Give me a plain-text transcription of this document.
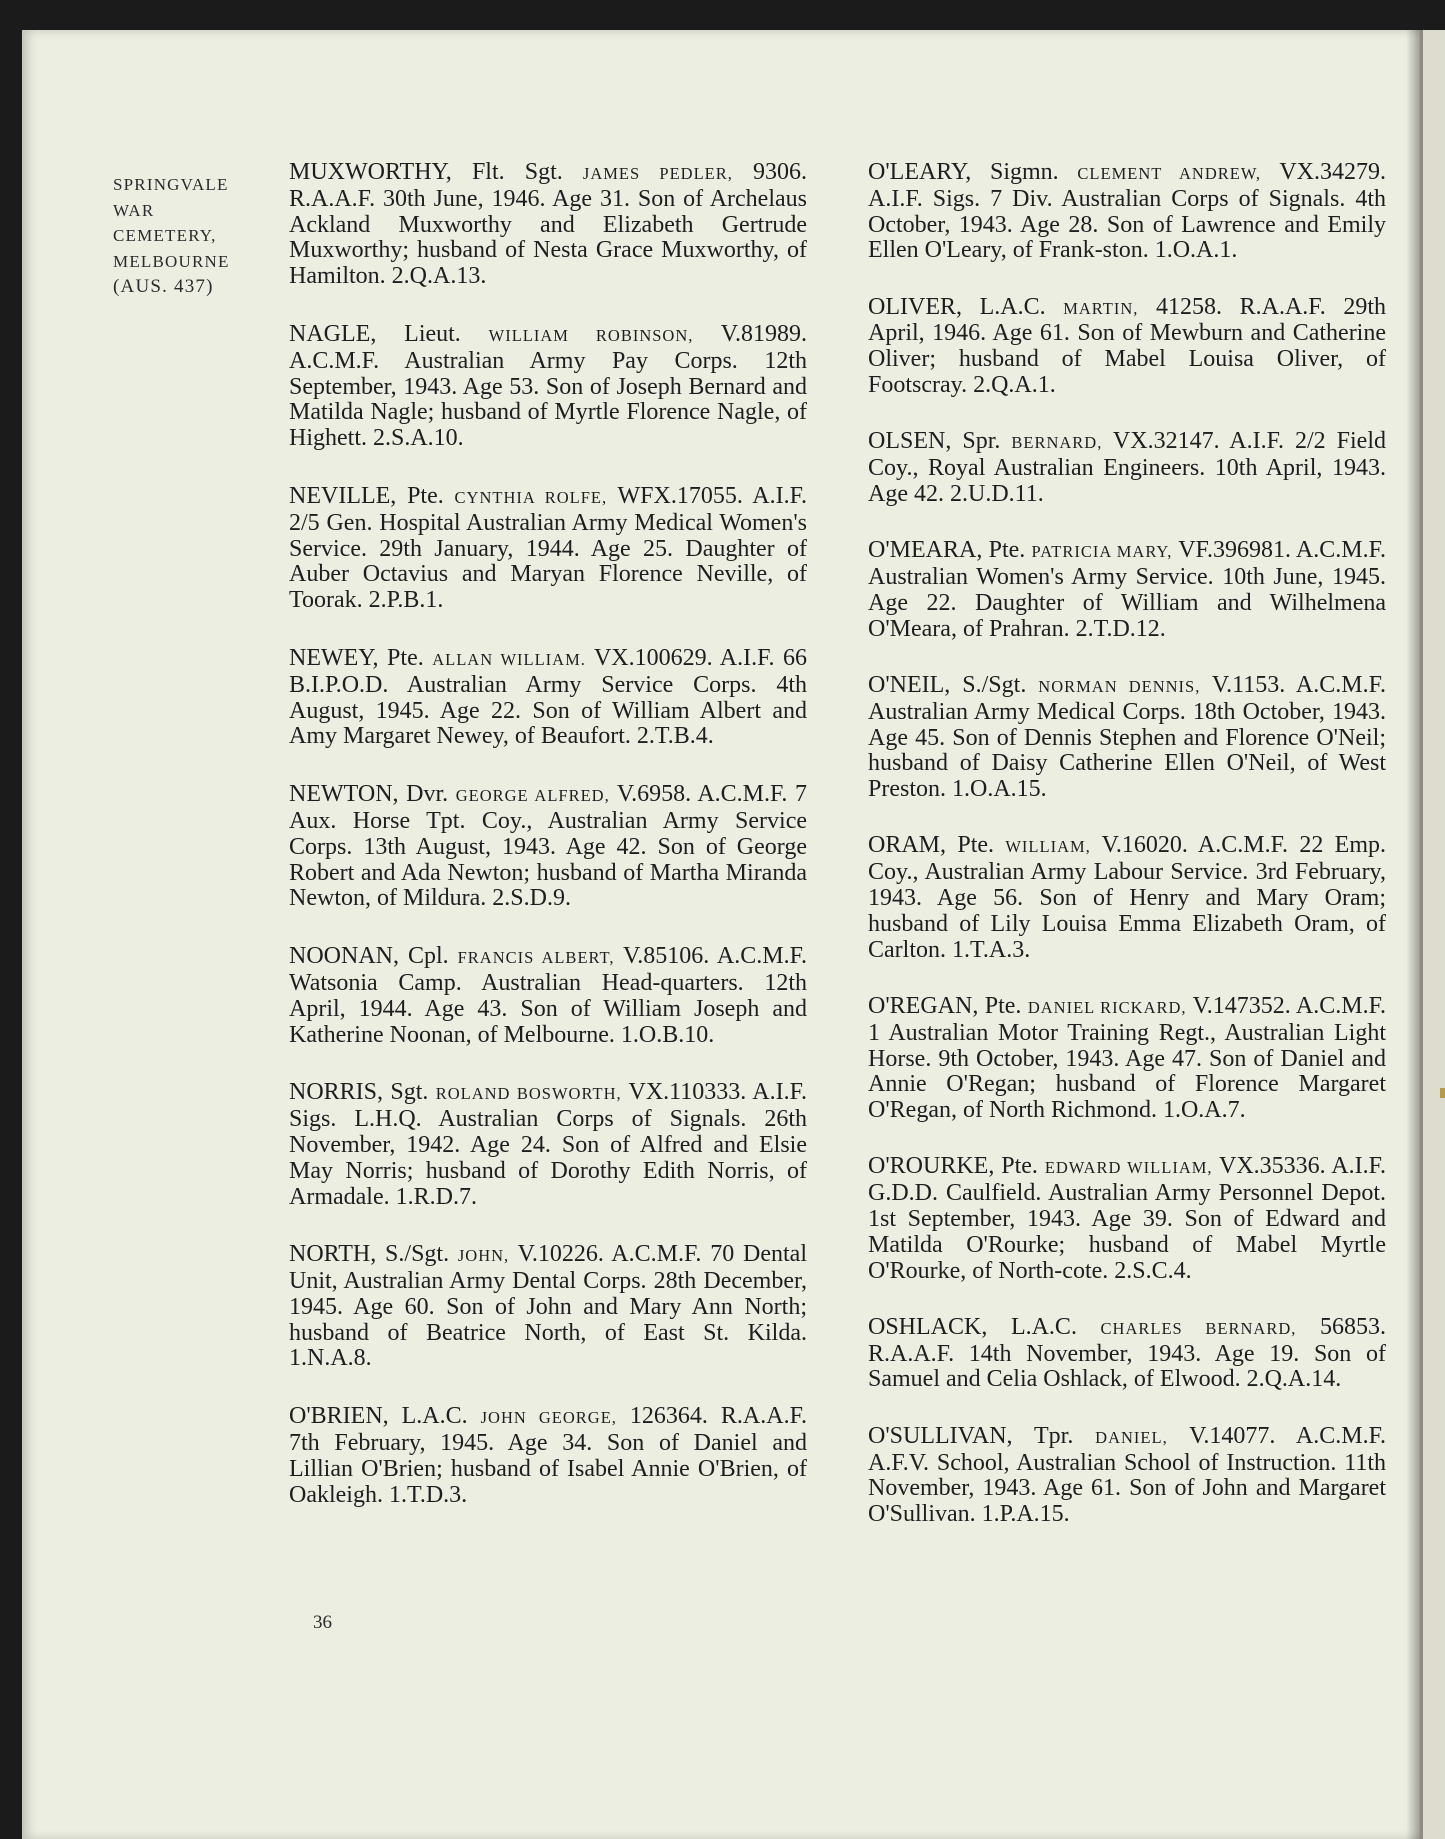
SPRINGVALE
WAR
CEMETERY,
MELBOURNE
(AUS. 437)
MUXWORTHY, Flt. Sgt. JAMES PEDLER, 9306. R.A.A.F. 30th June, 1946. Age 31. Son of Archelaus Ackland Muxworthy and Elizabeth Gertrude Muxworthy; husband of Nesta Grace Muxworthy, of Hamilton. 2.Q.A.13.
NAGLE, Lieut. WILLIAM ROBINSON, V.81989. A.C.M.F. Australian Army Pay Corps. 12th September, 1943. Age 53. Son of Joseph Bernard and Matilda Nagle; husband of Myrtle Florence Nagle, of Highett. 2.S.A.10.
NEVILLE, Pte. CYNTHIA ROLFE, WFX.17055. A.I.F. 2/5 Gen. Hospital Australian Army Medical Women's Service. 29th January, 1944. Age 25. Daughter of Auber Octavius and Maryan Florence Neville, of Toorak. 2.P.B.1.
NEWEY, Pte. ALLAN WILLIAM. VX.100629. A.I.F. 66 B.I.P.O.D. Australian Army Service Corps. 4th August, 1945. Age 22. Son of William Albert and Amy Margaret Newey, of Beaufort. 2.T.B.4.
NEWTON, Dvr. GEORGE ALFRED, V.6958. A.C.M.F. 7 Aux. Horse Tpt. Coy., Australian Army Service Corps. 13th August, 1943. Age 42. Son of George Robert and Ada Newton; husband of Martha Miranda Newton, of Mildura. 2.S.D.9.
NOONAN, Cpl. FRANCIS ALBERT, V.85106. A.C.M.F. Watsonia Camp. Australian Head-quarters. 12th April, 1944. Age 43. Son of William Joseph and Katherine Noonan, of Melbourne. 1.O.B.10.
NORRIS, Sgt. ROLAND BOSWORTH, VX.110333. A.I.F. Sigs. L.H.Q. Australian Corps of Signals. 26th November, 1942. Age 24. Son of Alfred and Elsie May Norris; husband of Dorothy Edith Norris, of Armadale. 1.R.D.7.
NORTH, S./Sgt. JOHN, V.10226. A.C.M.F. 70 Dental Unit, Australian Army Dental Corps. 28th December, 1945. Age 60. Son of John and Mary Ann North; husband of Beatrice North, of East St. Kilda. 1.N.A.8.
O'BRIEN, L.A.C. JOHN GEORGE, 126364. R.A.A.F. 7th February, 1945. Age 34. Son of Daniel and Lillian O'Brien; husband of Isabel Annie O'Brien, of Oakleigh. 1.T.D.3.
O'LEARY, Sigmn. CLEMENT ANDREW, VX.34279. A.I.F. Sigs. 7 Div. Australian Corps of Signals. 4th October, 1943. Age 28. Son of Lawrence and Emily Ellen O'Leary, of Frank-ston. 1.O.A.1.
OLIVER, L.A.C. MARTIN, 41258. R.A.A.F. 29th April, 1946. Age 61. Son of Mewburn and Catherine Oliver; husband of Mabel Louisa Oliver, of Footscray. 2.Q.A.1.
OLSEN, Spr. BERNARD, VX.32147. A.I.F. 2/2 Field Coy., Royal Australian Engineers. 10th April, 1943. Age 42. 2.U.D.11.
O'MEARA, Pte. PATRICIA MARY, VF.396981. A.C.M.F. Australian Women's Army Service. 10th June, 1945. Age 22. Daughter of William and Wilhelmena O'Meara, of Prahran. 2.T.D.12.
O'NEIL, S./Sgt. NORMAN DENNIS, V.1153. A.C.M.F. Australian Army Medical Corps. 18th October, 1943. Age 45. Son of Dennis Stephen and Florence O'Neil; husband of Daisy Catherine Ellen O'Neil, of West Preston. 1.O.A.15.
ORAM, Pte. WILLIAM, V.16020. A.C.M.F. 22 Emp. Coy., Australian Army Labour Service. 3rd February, 1943. Age 56. Son of Henry and Mary Oram; husband of Lily Louisa Emma Elizabeth Oram, of Carlton. 1.T.A.3.
O'REGAN, Pte. DANIEL RICKARD, V.147352. A.C.M.F. 1 Australian Motor Training Regt., Australian Light Horse. 9th October, 1943. Age 47. Son of Daniel and Annie O'Regan; husband of Florence Margaret O'Regan, of North Richmond. 1.O.A.7.
O'ROURKE, Pte. EDWARD WILLIAM, VX.35336. A.I.F. G.D.D. Caulfield. Australian Army Personnel Depot. 1st September, 1943. Age 39. Son of Edward and Matilda O'Rourke; husband of Mabel Myrtle O'Rourke, of North-cote. 2.S.C.4.
OSHLACK, L.A.C. CHARLES BERNARD, 56853. R.A.A.F. 14th November, 1943. Age 19. Son of Samuel and Celia Oshlack, of Elwood. 2.Q.A.14.
O'SULLIVAN, Tpr. DANIEL, V.14077. A.C.M.F. A.F.V. School, Australian School of Instruction. 11th November, 1943. Age 61. Son of John and Margaret O'Sullivan. 1.P.A.15.
36
